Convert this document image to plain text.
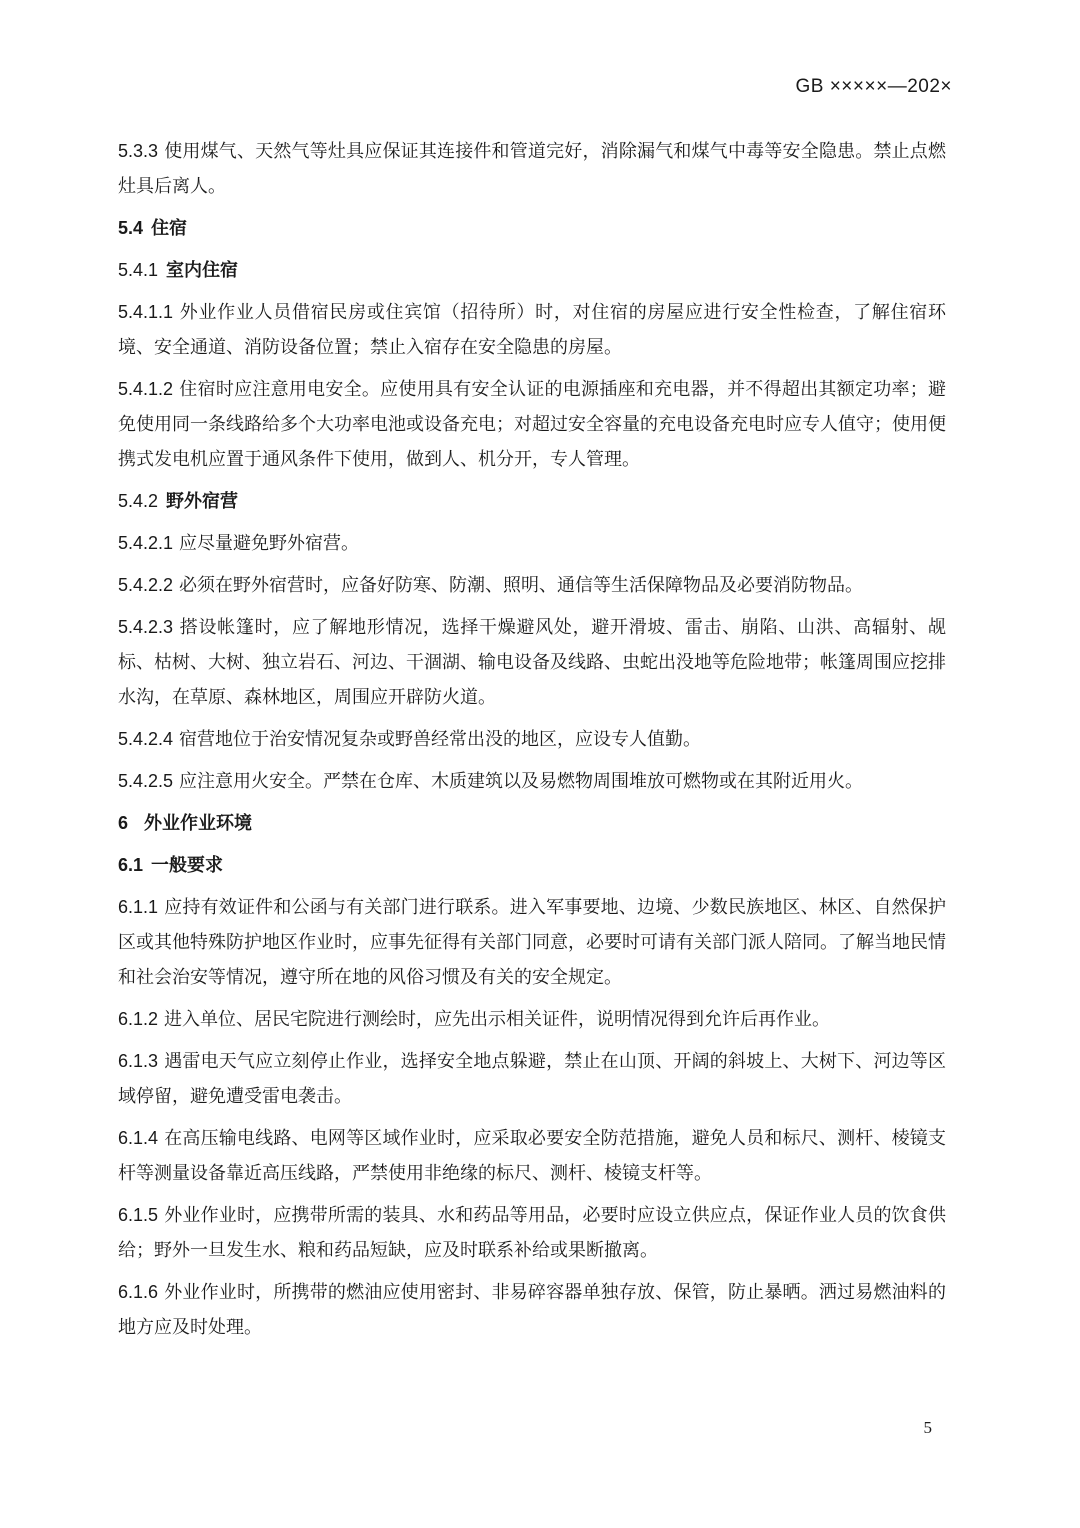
GB ×××××—202×
5.3.3 使用煤气、天然气等灶具应保证其连接件和管道完好，消除漏气和煤气中毒等安全隐患。禁止点燃灶具后离人。
5.4 住宿
5.4.1 室内住宿
5.4.1.1 外业作业人员借宿民房或住宾馆（招待所）时，对住宿的房屋应进行安全性检查，了解住宿环境、安全通道、消防设备位置；禁止入宿存在安全隐患的房屋。
5.4.1.2 住宿时应注意用电安全。应使用具有安全认证的电源插座和充电器，并不得超出其额定功率；避免使用同一条线路给多个大功率电池或设备充电；对超过安全容量的充电设备充电时应专人值守；使用便携式发电机应置于通风条件下使用，做到人、机分开，专人管理。
5.4.2 野外宿营
5.4.2.1 应尽量避免野外宿营。
5.4.2.2 必须在野外宿营时，应备好防寒、防潮、照明、通信等生活保障物品及必要消防物品。
5.4.2.3 搭设帐篷时，应了解地形情况，选择干燥避风处，避开滑坡、雷击、崩陷、山洪、高辐射、觇标、枯树、大树、独立岩石、河边、干涸湖、输电设备及线路、虫蛇出没地等危险地带；帐篷周围应挖排水沟，在草原、森林地区，周围应开辟防火道。
5.4.2.4 宿营地位于治安情况复杂或野兽经常出没的地区，应设专人值勤。
5.4.2.5 应注意用火安全。严禁在仓库、木质建筑以及易燃物周围堆放可燃物或在其附近用火。
6 外业作业环境
6.1 一般要求
6.1.1 应持有效证件和公函与有关部门进行联系。进入军事要地、边境、少数民族地区、林区、自然保护区或其他特殊防护地区作业时，应事先征得有关部门同意，必要时可请有关部门派人陪同。了解当地民情和社会治安等情况，遵守所在地的风俗习惯及有关的安全规定。
6.1.2 进入单位、居民宅院进行测绘时，应先出示相关证件，说明情况得到允许后再作业。
6.1.3 遇雷电天气应立刻停止作业，选择安全地点躲避，禁止在山顶、开阔的斜坡上、大树下、河边等区域停留，避免遭受雷电袭击。
6.1.4 在高压输电线路、电网等区域作业时，应采取必要安全防范措施，避免人员和标尺、测杆、棱镜支杆等测量设备靠近高压线路，严禁使用非绝缘的标尺、测杆、棱镜支杆等。
6.1.5 外业作业时，应携带所需的装具、水和药品等用品，必要时应设立供应点，保证作业人员的饮食供给；野外一旦发生水、粮和药品短缺，应及时联系补给或果断撤离。
6.1.6 外业作业时，所携带的燃油应使用密封、非易碎容器单独存放、保管，防止暴晒。洒过易燃油料的地方应及时处理。
5
